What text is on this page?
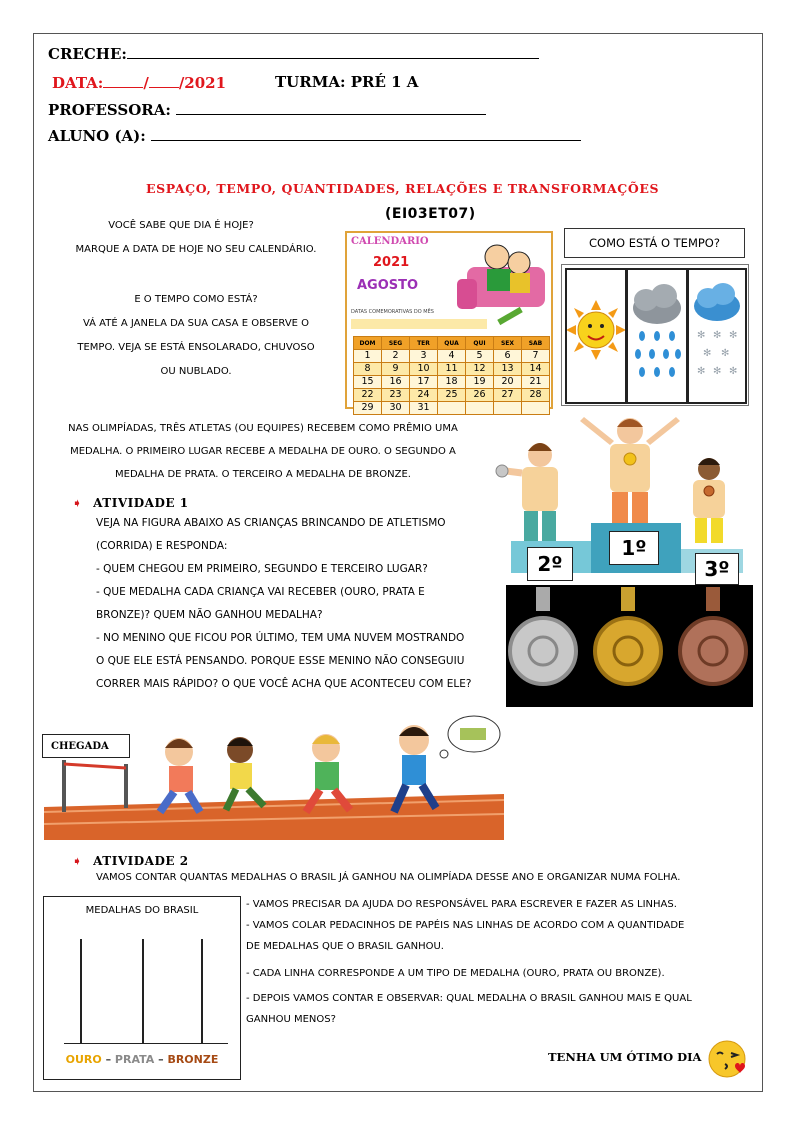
CRECHE:
DATA:	/ /2021	TURMA: PRÉ 1 A
PROFESSORA:
ALUNO (A):
ESPAÇO, TEMPO, QUANTIDADES, RELAÇÕES E TRANSFORMAÇÕES
(EI03ET07)
VOCÊ SABE QUE DIA É HOJE?
MARQUE A DATA DE HOJE NO SEU CALENDÁRIO.
E O TEMPO COMO ESTÁ?
VÁ ATÉ A JANELA DA SUA CASA E OBSERVE O
TEMPO. VEJA SE ESTÁ ENSOLARADO, CHUVOSO
OU NUBLADO.
CALENDARIO
2021
AGOSTO
DATAS COMEMORATIVAS DO MÊS
DOM	SEG	TER	QUA	QUI	SEX	SAB
1	2	3	4	5	6	7
8	9	10	11	12	13	14
15	16	17	18	19	20	21
22	23	24	25	26	27	28
29	30	31				
COMO ESTÁ O TEMPO?
✻ ✻ ✻
✻ ✻
✻ ✻ ✻
NAS OLIMPÍADAS, TRÊS ATLETAS (OU EQUIPES) RECEBEM COMO PRÊMIO UMA
MEDALHA. O PRIMEIRO LUGAR RECEBE A MEDALHA DE OURO. O SEGUNDO A
MEDALHA DE PRATA. O TERCEIRO A MEDALHA DE BRONZE.
2º
1º
3º
➧ ATIVIDADE 1
VEJA NA FIGURA ABAIXO AS CRIANÇAS BRINCANDO DE ATLETISMO
(CORRIDA) E RESPONDA:
- QUEM CHEGOU EM PRIMEIRO, SEGUNDO E TERCEIRO LUGAR?
- QUE MEDALHA CADA CRIANÇA VAI RECEBER (OURO, PRATA E
BRONZE)? QUEM NÃO GANHOU MEDALHA?
- NO MENINO QUE FICOU POR ÚLTIMO, TEM UMA NUVEM MOSTRANDO
O QUE ELE ESTÁ PENSANDO. PORQUE ESSE MENINO NÃO CONSEGUIU
CORRER MAIS RÁPIDO? O QUE VOCÊ ACHA QUE ACONTECEU COM ELE?
CHEGADA
➧ ATIVIDADE 2
VAMOS CONTAR QUANTAS MEDALHAS O BRASIL JÁ GANHOU NA OLIMPÍADA DESSE ANO E ORGANIZAR NUMA FOLHA.
MEDALHAS DO BRASIL
OURO – PRATA – BRONZE
- VAMOS PRECISAR DA AJUDA DO RESPONSÁVEL PARA ESCREVER E FAZER AS LINHAS.
- VAMOS COLAR PEDACINHOS DE PAPÉIS NAS LINHAS DE ACORDO COM A QUANTIDADE
DE MEDALHAS QUE O BRASIL GANHOU.
- CADA LINHA CORRESPONDE A UM TIPO DE MEDALHA (OURO, PRATA OU BRONZE).
- DEPOIS VAMOS CONTAR E OBSERVAR: QUAL MEDALHA O BRASIL GANHOU MAIS E QUAL
GANHOU MENOS?
TENHA UM ÓTIMO DIA
